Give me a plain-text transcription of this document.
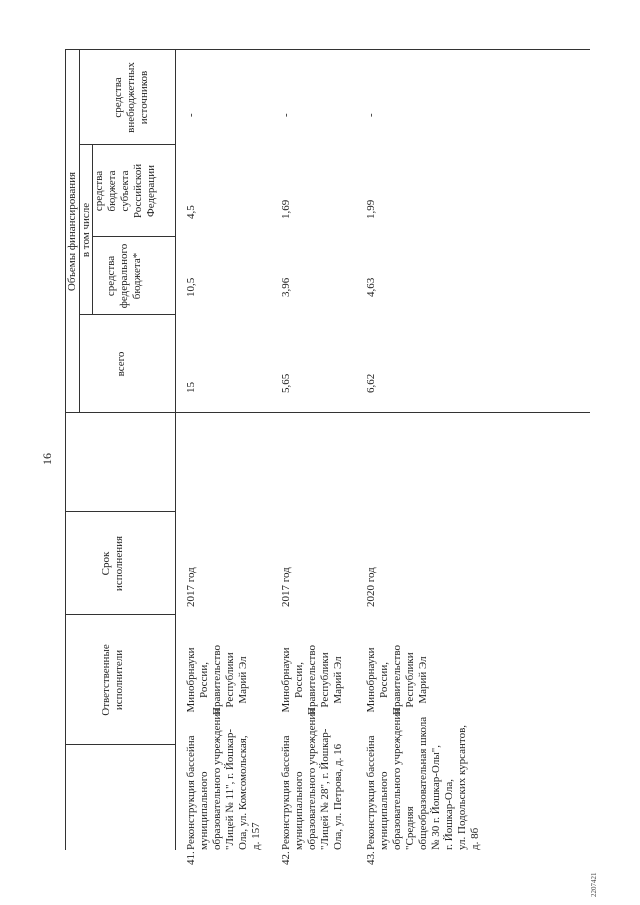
16
2207421
Ответственные
исполнители
Срок
исполнения
Объемы финансирования
всего
в том числе
средства
федерального
бюджета*
средства
бюджета
субъекта
Российской
Федерации
средства
внебюджетных
источников
41.
Реконструкция бассейна
муниципального
образовательного учреждения
"Лицей № 11", г. Йошкар-
Ола, ул. Комсомольская,
д. 157
Минобрнауки
России,
Правительство
Республики
Марий Эл
2017 год
15
10,5
4,5
-
42.
Реконструкция бассейна
муниципального
образовательного учреждения
"Лицей № 28", г. Йошкар-
Ола, ул. Петрова, д. 16
Минобрнауки
России,
Правительство
Республики
Марий Эл
2017 год
5,65
3,96
1,69
-
43.
Реконструкция бассейна
муниципального
образовательного учреждения
"Средняя
общеобразовательная школа
№ 30 г. Йошкар-Олы",
г. Йошкар-Ола,
ул. Подольских курсантов,
д. 8б
Минобрнауки
России,
Правительство
Республики
Марий Эл
2020 год
6,62
4,63
1,99
-
